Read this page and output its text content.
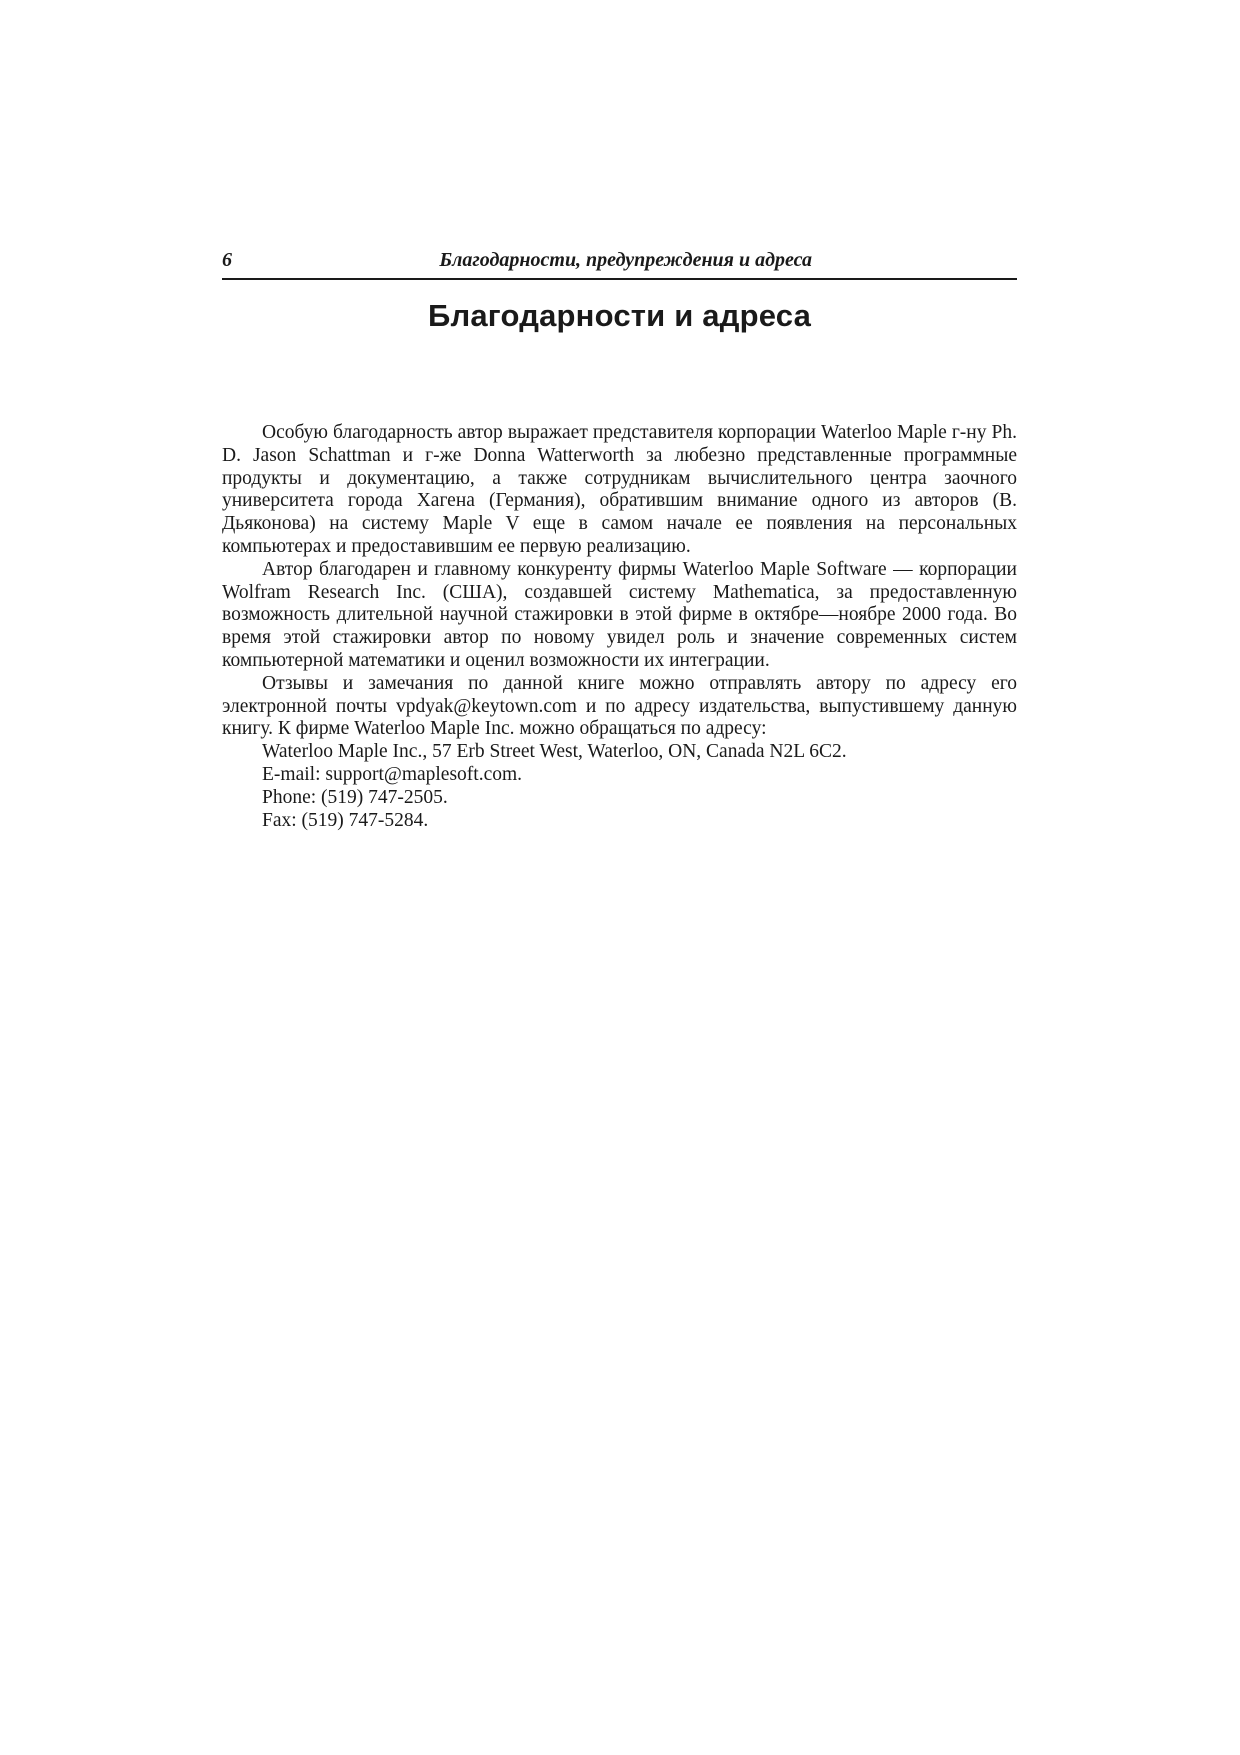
6	Благодарности, предупреждения и адреса
Благодарности и адреса

Особую благодарность автор выражает представителя корпорации Waterloo Maple г-ну Ph. D. Jason Schattman и г-же Donna Watterworth за любезно представленные программные продукты и документацию, а также сотрудникам вычислительного центра заочного университета города Хагена (Германия), обратившим внимание одного из авторов (В. Дьяконова) на систему Maple V еще в самом начале ее появления на персональных компьютерах и предоставившим ее первую реализацию.

Автор благодарен и главному конкуренту фирмы Waterloo Maple Software — корпорации Wolfram Research Inc. (США), создавшей систему Mathematica, за предоставленную возможность длительной научной стажировки в этой фирме в октябре—ноябре 2000 года. Во время этой стажировки автор по новому увидел роль и значение современных систем компьютерной математики и оценил возможности их интеграции.

Отзывы и замечания по данной книге можно отправлять автору по адресу его электронной почты vpdyak@keytown.com и по адресу издательства, выпустившему данную книгу. К фирме Waterloo Maple Inc. можно обращаться по адресу:

Waterloo Maple Inc., 57 Erb Street West, Waterloo, ON, Canada N2L 6C2.
E-mail: support@maplesoft.com.
Phone: (519) 747-2505.
Fax: (519) 747-5284.
